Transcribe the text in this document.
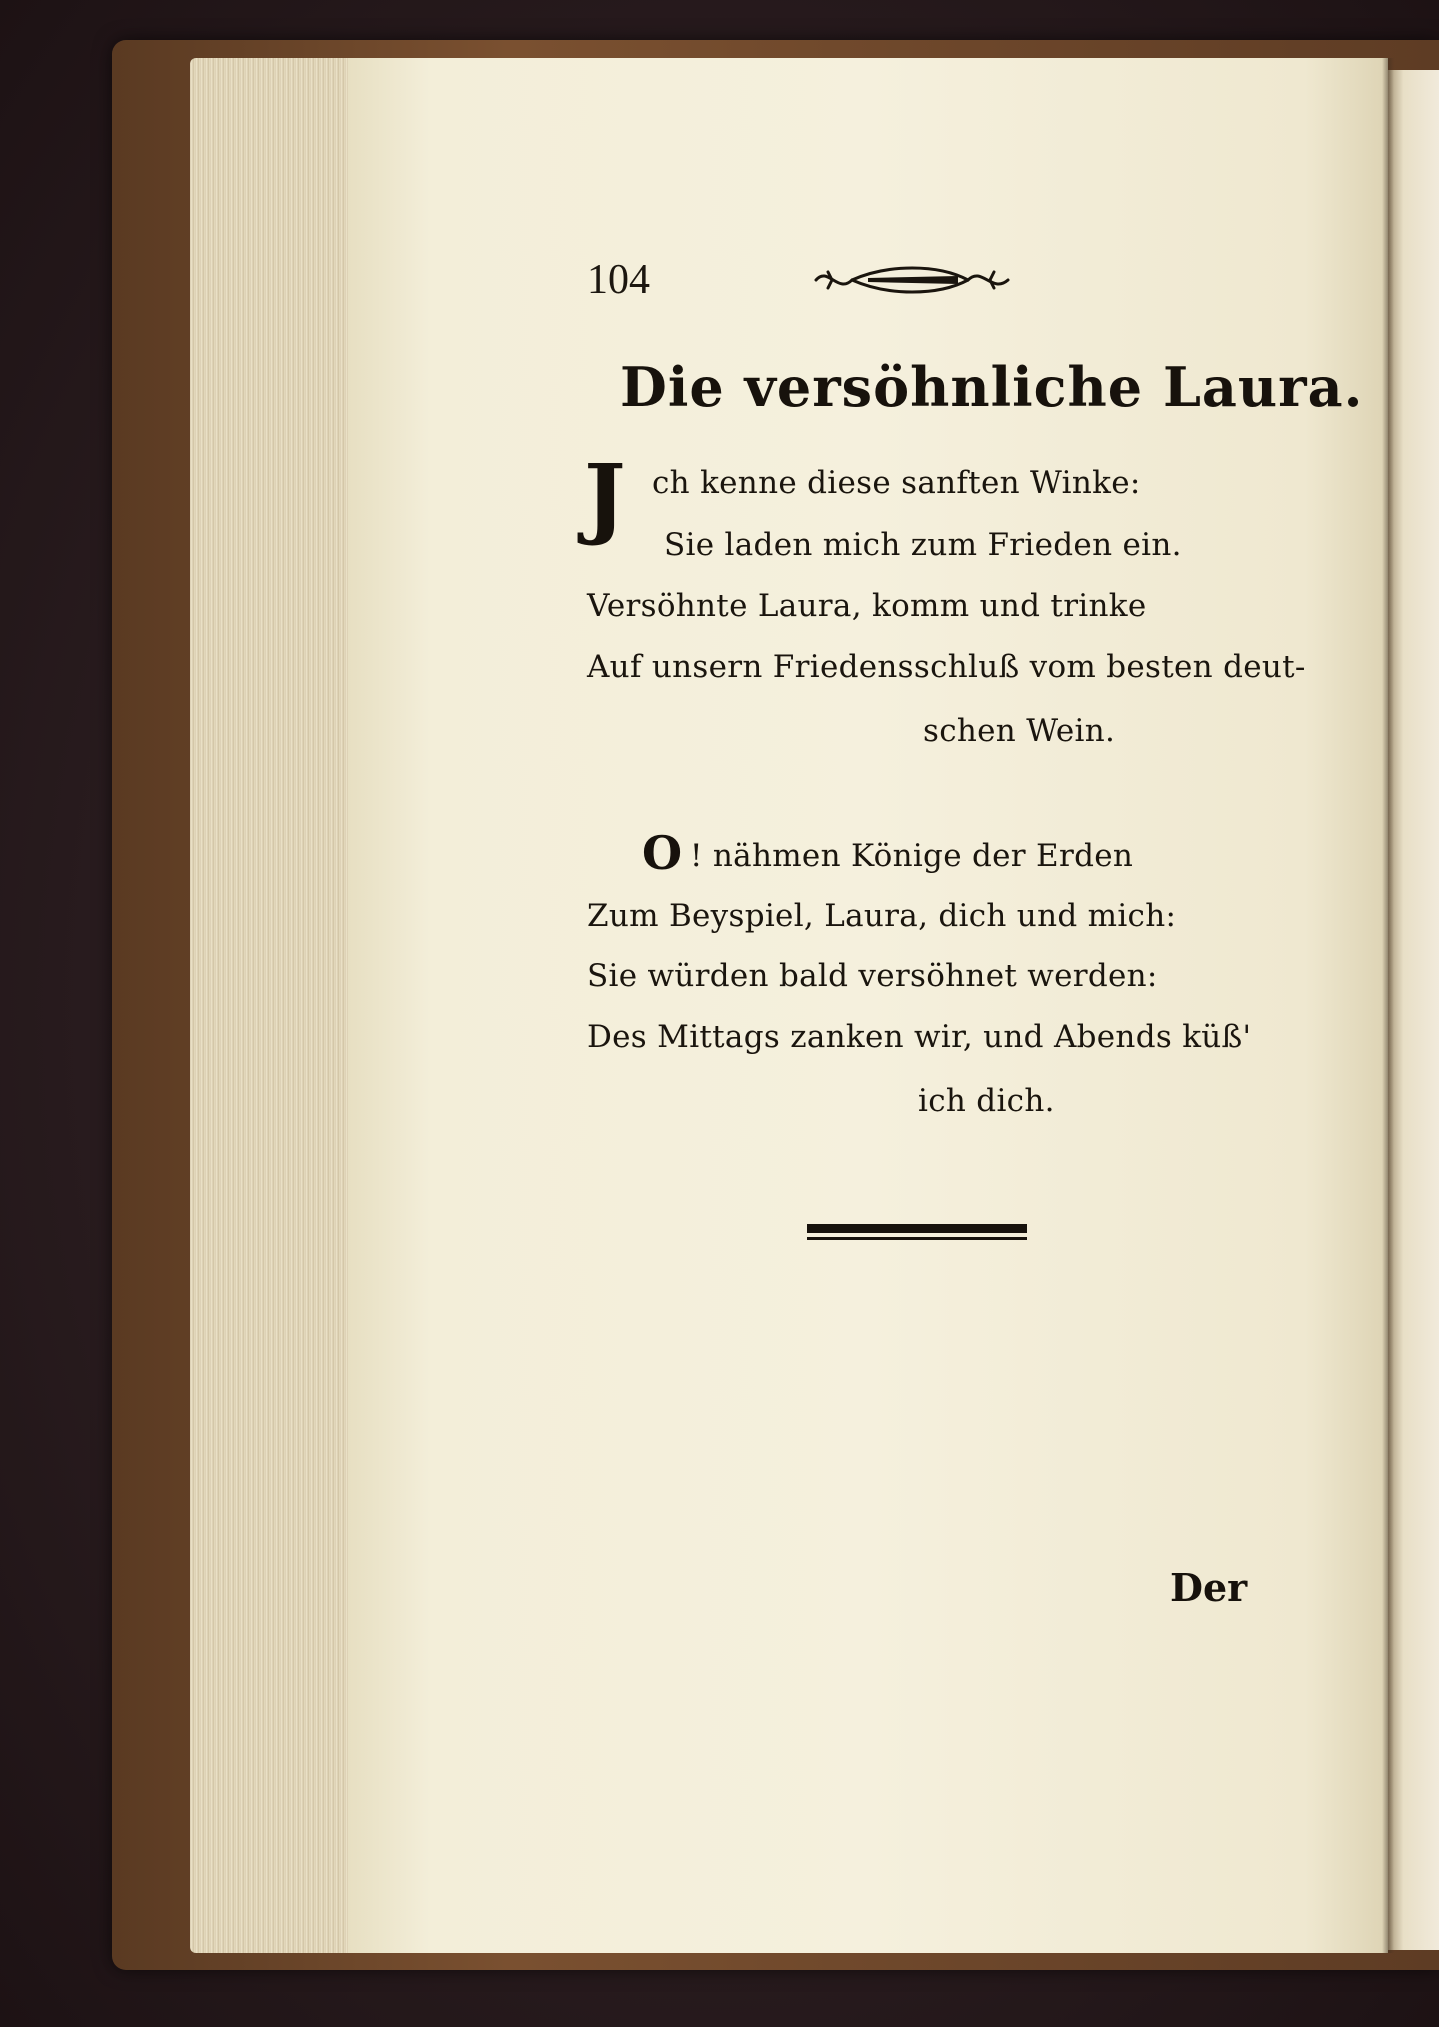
104
Die versöhnliche Laura.
J ch kenne diese sanften Winke:
Sie laden mich zum Frieden ein.
Versöhnte Laura, komm und trinke
Auf unsern Friedensschluß vom besten deut-
schen Wein.
O ! nähmen Könige der Erden
Zum Beyspiel, Laura, dich und mich:
Sie würden bald versöhnet werden:
Des Mittags zanken wir, und Abends küß'
ich dich.
Der
